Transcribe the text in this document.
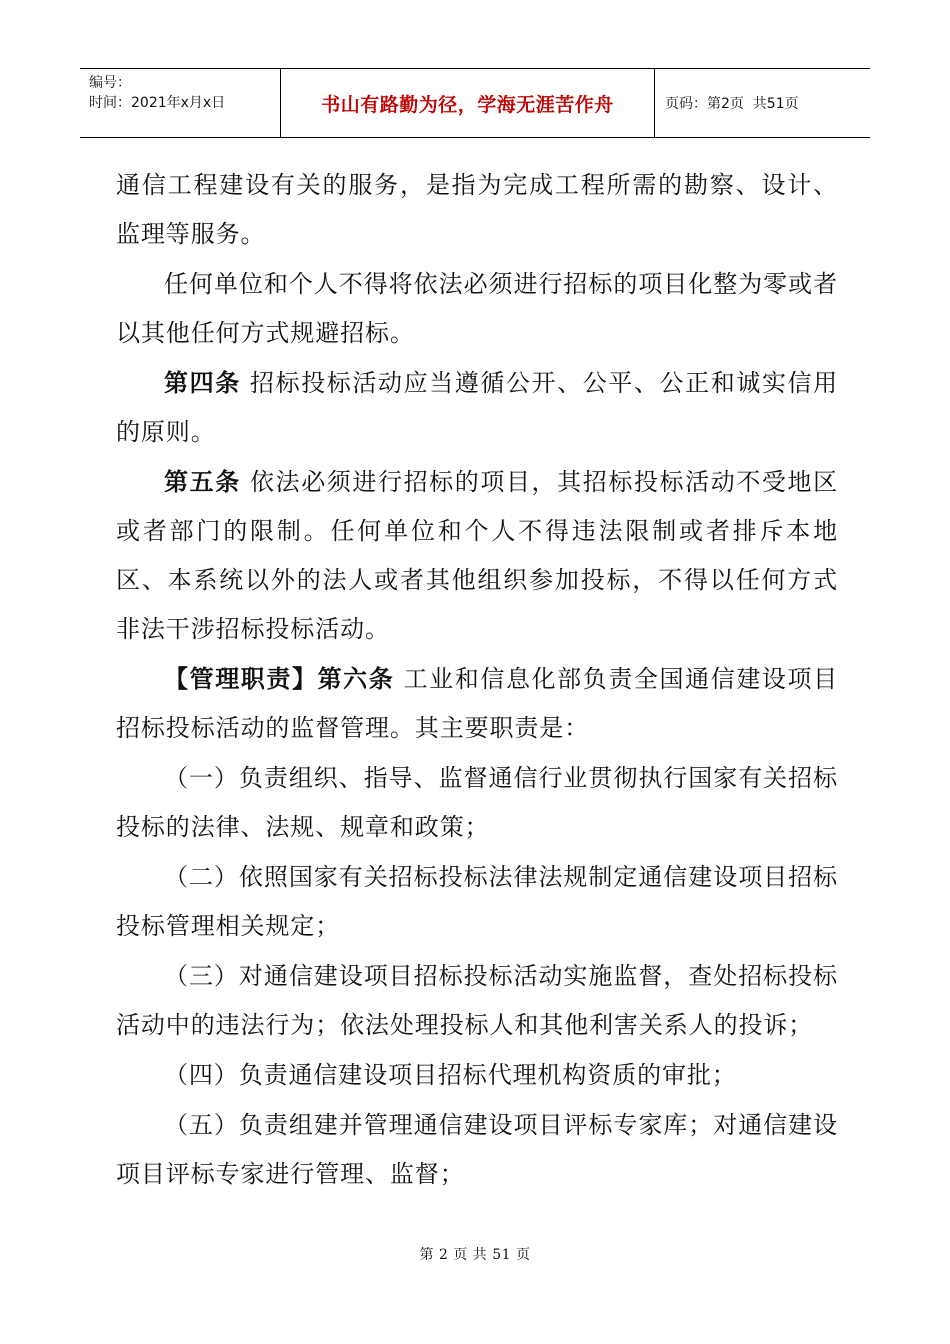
编号：
时间：2021年x月x日	书山有路勤为径，学海无涯苦作舟	页码：第2页  共51页

通信工程建设有关的服务，是指为完成工程所需的勘察、设计、监理等服务。

任何单位和个人不得将依法必须进行招标的项目化整为零或者以其他任何方式规避招标。

第四条 招标投标活动应当遵循公开、公平、公正和诚实信用的原则。

第五条 依法必须进行招标的项目，其招标投标活动不受地区或者部门的限制。任何单位和个人不得违法限制或者排斥本地区、本系统以外的法人或者其他组织参加投标，不得以任何方式非法干涉招标投标活动。

【管理职责】第六条 工业和信息化部负责全国通信建设项目招标投标活动的监督管理。其主要职责是：

（一）负责组织、指导、监督通信行业贯彻执行国家有关招标投标的法律、法规、规章和政策；

（二）依照国家有关招标投标法律法规制定通信建设项目招标投标管理相关规定；

（三）对通信建设项目招标投标活动实施监督，查处招标投标活动中的违法行为；依法处理投标人和其他利害关系人的投诉；

（四）负责通信建设项目招标代理机构资质的审批；

（五）负责组建并管理通信建设项目评标专家库；对通信建设项目评标专家进行管理、监督；

第 2 页 共 51 页
